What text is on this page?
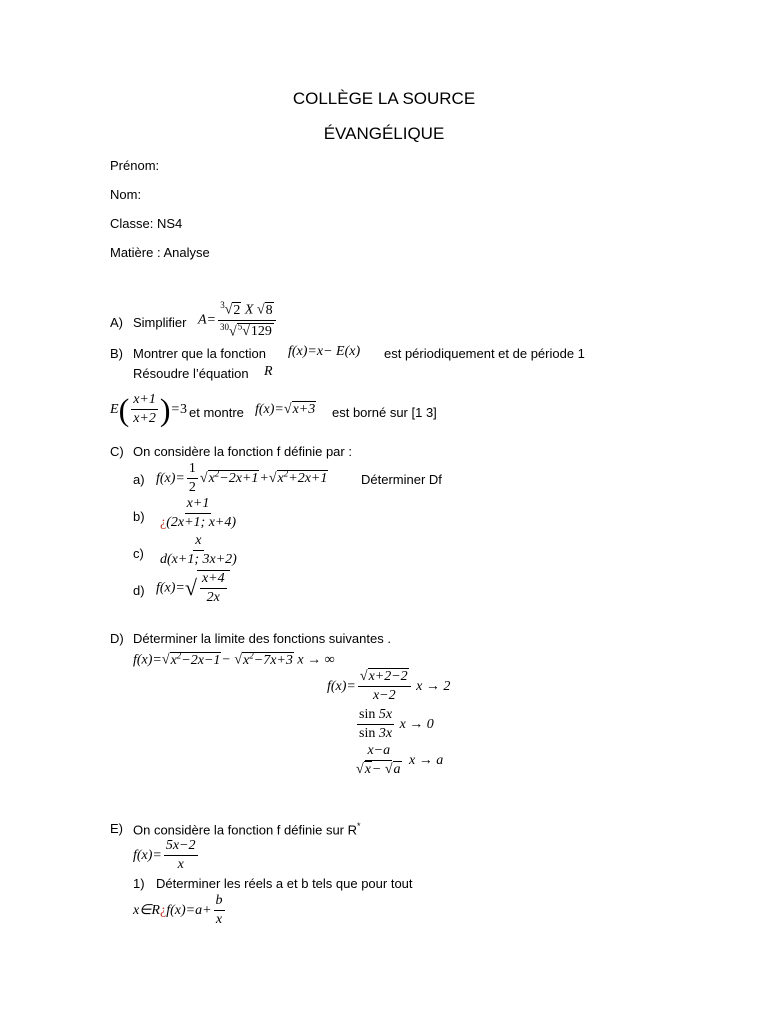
COLLÈGE LA SOURCE
ÉVANGÉLIQUE
Prénom:
Nom:
Classe: NS4
Matière : Analyse
A) Simplifier $A= \frac{^3√2 X √8}{^{30}√^5√129}$
B) Montrer que la fonction f(x)=x− E(x) est périodiquement et de période 1
Résoudre l’équation R
$E( \frac{x+1}{x+2} )=3$ et montre f(x)=√x+3 est borné sur [1 3]
C) On considère la fonction f définie par :
a) $f(x)= \frac{1}{2} √x^2-2x+1+√x^2+2x+1$	Déterminer Df
$b) \frac{x+1}{¿(2x+1; x+4)}$
$c) \frac{x}{d(x+1; 3x+2)}$
d) $f(x)=√ \frac{x+4}{2x}$
D) Déterminer la limite des fonctions suivantes .
$f(x)=√x^2-2x-1- √x^2-7x+3$ x → ∞
$f(x)= \frac{√x+2-2}{x-2}$ x → 2
$\frac{\sin 5x}{\sin 3x}$ x → 0
$\frac{x-a}{√x- √a}$ x → a
E) On considère la fonction f définie sur R*
$f(x)= \frac{5x-2}{x}$
1) Déterminer les réels a et b tels que pour tout
x∈R¿f(x)=a+ $\frac{b}{x}$
